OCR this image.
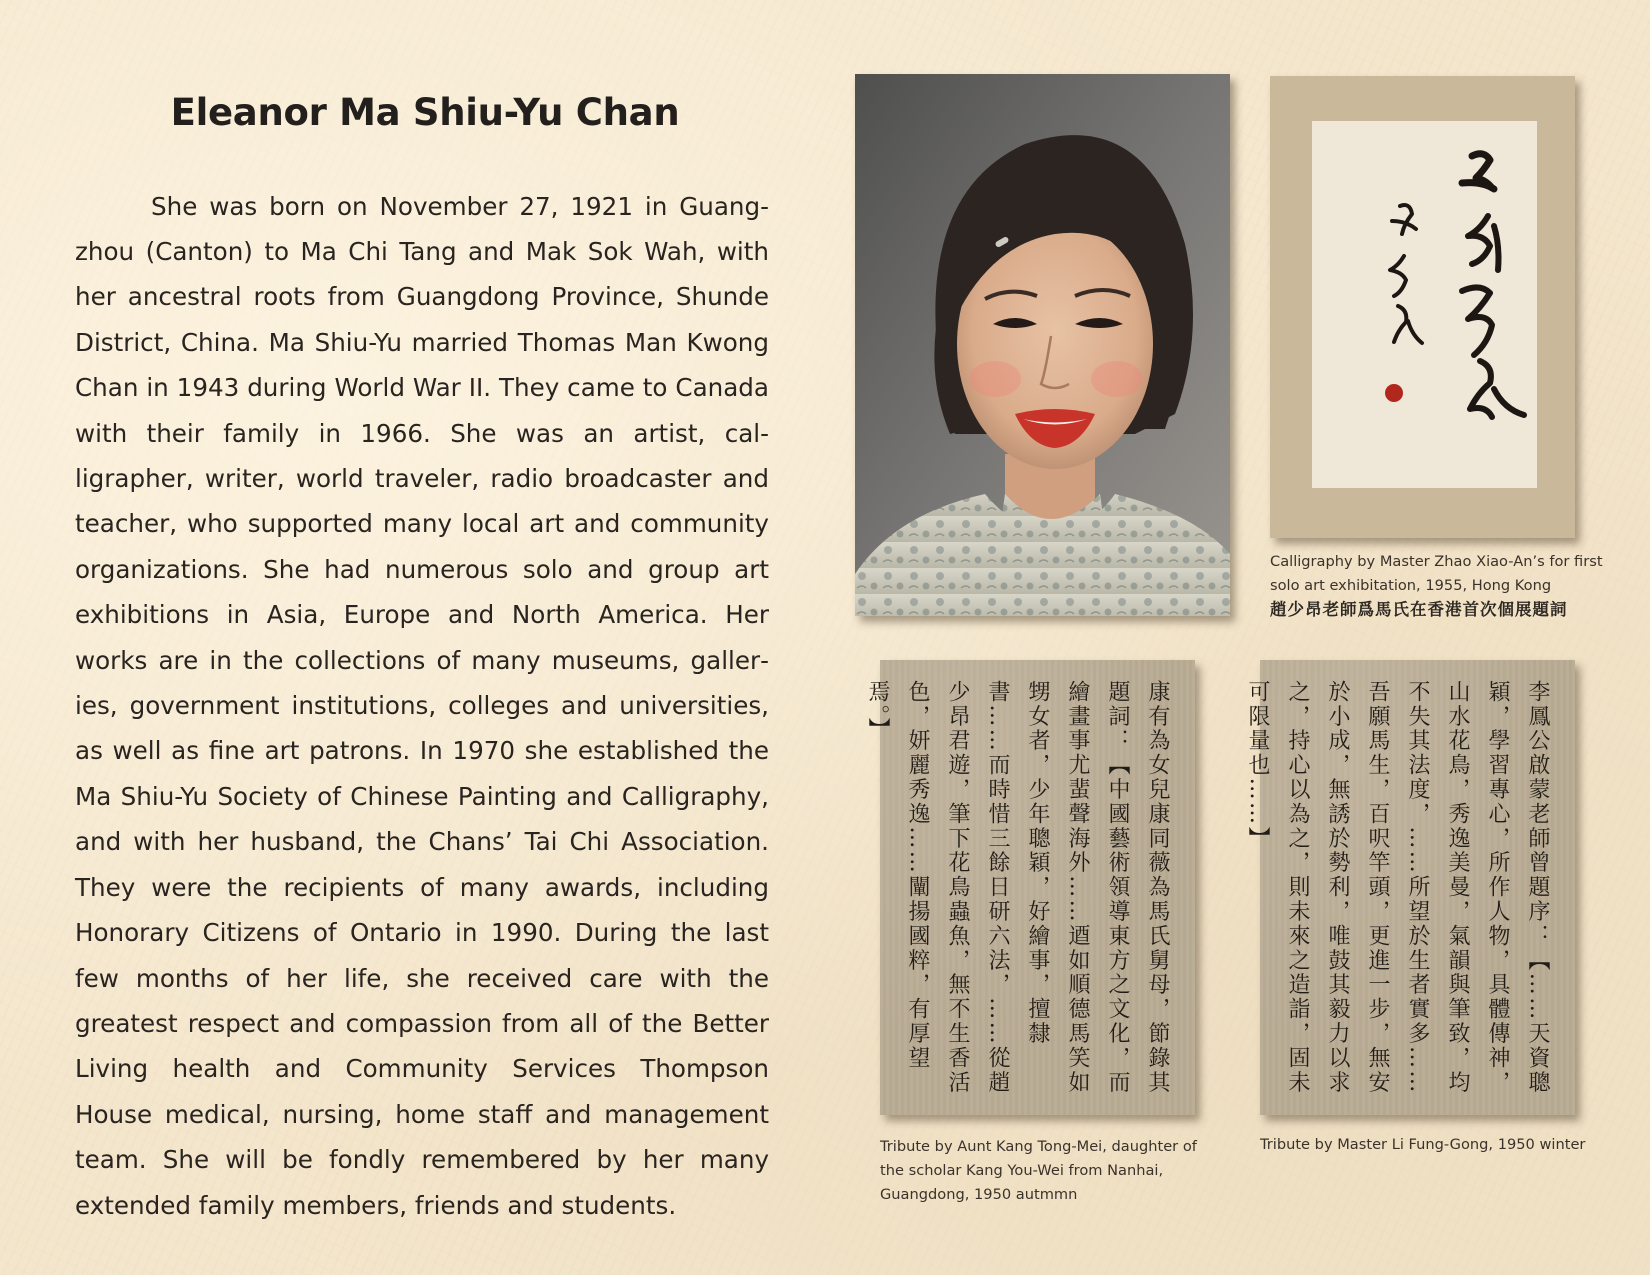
Eleanor Ma Shiu-Yu Chan

She was born on November 27, 1921 in Guangzhou (Canton) to Ma Chi Tang and Mak Sok Wah, with her ancestral roots from Guangdong Province, Shunde District, China. Ma Shiu-Yu married Thomas Man Kwong Chan in 1943 during World War II. They came to Canada with their family in 1966. She was an artist, calligrapher, writer, world traveler, radio broadcaster and teacher, who supported many local art and community organizations. She had numerous solo and group art exhibitions in Asia, Europe and North America. Her works are in the collections of many museums, galleries, government institutions, colleges and universities, as well as fine art patrons. In 1970 she established the Ma Shiu-Yu Society of Chinese Painting and Calligraphy, and with her husband, the Chans’ Tai Chi Association. They were the recipients of many awards, including Honorary Citizens of Ontario in 1990. During the last few months of her life, she received care with the greatest respect and compassion from all of the Better Living health and Community Services Thompson House medical, nursing, home staff and management team. She will be fondly remembered by her many extended family members, friends and students.

Calligraphy by Master Zhao Xiao-An’s for first solo art exhibitation, 1955, Hong Kong
趙少昂老師爲馬氏在香港首次個展題詞
康有為女兒康同薇為馬氏舅母，節錄其題詞：【中國藝術領導東方之文化，而繪畫事尤蜚聲海外……逎如順德馬笑如甥女者，少年聰穎，好繪事，擅隸書……而時惜三餘日研六法，……從趙少昂君遊，筆下花鳥蟲魚，無不生香活色，妍麗秀逸……闡揚國粹，有厚望焉。】
Tribute by Aunt Kang Tong-Mei, daughter of the scholar Kang You-Wei from Nanhai, Guangdong, 1950 autmmn
李鳳公啟蒙老師曾題序：【……天資聰穎，學習專心，所作人物，具體傳神，山水花鳥，秀逸美曼，氣韻與筆致，均不失其法度，……所望於生者實多……吾願馬生，百呎竿頭，更進一步，無安於小成，無誘於勢利，唯鼓其毅力以求之，持心以為之，則未來之造詣，固未可限量也……】
Tribute by Master Li Fung-Gong, 1950 winter
